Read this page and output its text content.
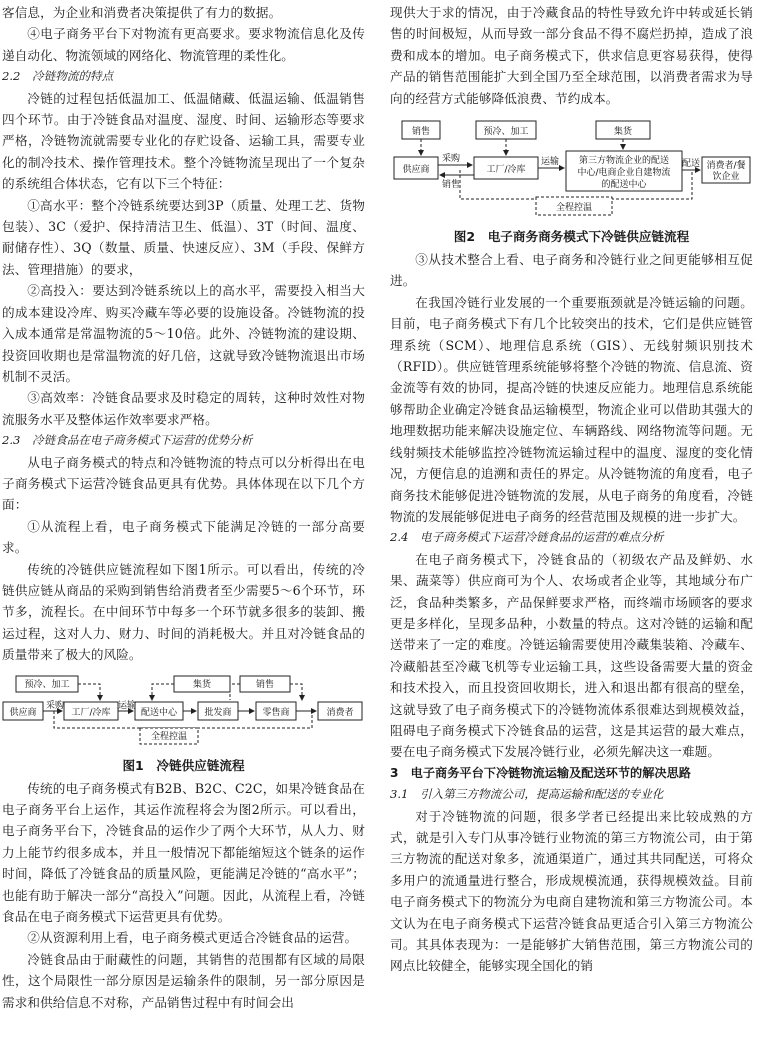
客信息，为企业和消费者决策提供了有力的数据。

④电子商务平台下对物流有更高要求。要求物流信息化及传递自动化、物流领域的网络化、物流管理的柔性化。

2.2　冷链物流的特点

冷链的过程包括低温加工、低温储藏、低温运输、低温销售四个环节。由于冷链食品对温度、湿度、时间、运输形态等要求严格，冷链物流就需要专业化的存贮设备、运输工具，需要专业化的制冷技术、操作管理技术。整个冷链物流呈现出了一个复杂的系统组合体状态，它有以下三个特征：

①高水平：整个冷链系统要达到3P（质量、处理工艺、货物包装）、3C（爱护、保持清洁卫生、低温）、3T（时间、温度、耐储存性）、3Q（数量、质量、快速反应）、3M（手段、保鲜方法、管理措施）的要求，

②高投入：要达到冷链系统以上的高水平，需要投入相当大的成本建设冷库、购买冷藏车等必要的设施设备。冷链物流的投入成本通常是常温物流的5～10倍。此外、冷链物流的建设期、投资回收期也是常温物流的好几倍，这就导致冷链物流退出市场机制不灵活。

③高效率：冷链食品要求及时稳定的周转，这种时效性对物流服务水平及整体运作效率要求严格。

2.3　冷链食品在电子商务模式下运营的优势分析

从电子商务模式的特点和冷链物流的特点可以分析得出在电子商务模式下运营冷链食品更具有优势。具体体现在以下几个方面：

①从流程上看，电子商务模式下能满足冷链的一部分高要求。

传统的冷链供应链流程如下图1所示。可以看出，传统的冷链供应链从商品的采购到销售给消费者至少需要5～6个环节，环节多，流程长。在中间环节中每多一个环节就多很多的装卸、搬运过程，这对人力、财力、时间的消耗极大。并且对冷链食品的质量带来了极大的风险。

预冷、加工	集货	销售
供应商	工厂/冷库	配送中心	批发商	零售商	消费者
采购	运输
全程控温

图1　冷链供应链流程

传统的电子商务模式有B2B、B2C、C2C，如果冷链食品在电子商务平台上运作，其运作流程将会为图2所示。可以看出，电子商务平台下，冷链食品的运作少了两个大环节，从人力、财力上能节约很多成本，并且一般情况下都能缩短这个链条的运作时间，降低了冷链食品的质量风险，更能满足冷链的“高水平”；也能有助于解决一部分“高投入”问题。因此，从流程上看，冷链食品在电子商务模式下运营更具有优势。

②从资源利用上看，电子商务模式更适合冷链食品的运营。

冷链食品由于耐藏性的问题，其销售的范围都有区域的局限性，这个局限性一部分原因是运输条件的限制，另一部分原因是需求和供给信息不对称，产品销售过程中有时间会出

现供大于求的情况，由于冷藏食品的特性导致允许中转或延长销售的时间极短，从而导致一部分食品不得不腐烂扔掉，造成了浪费和成本的增加。电子商务模式下，供求信息更容易获得，使得产品的销售范围能扩大到全国乃至全球范围，以消费者需求为导向的经营方式能够降低浪费、节约成本。

销售	预冷、加工	集货
供应商	工厂/冷库
第三方物流企业的配送
中心/电商企业自建物流
的配送中心
消费者/餐
饮企业
采购
销售
运输	配送
全程控温

图2　电子商务商务模式下冷链供应链流程

③从技术整合上看、电子商务和冷链行业之间更能够相互促进。

在我国冷链行业发展的一个重要瓶颈就是冷链运输的问题。目前，电子商务模式下有几个比较突出的技术，它们是供应链管理系统（SCM）、地理信息系统（GIS）、无线射频识别技术（RFID）。供应链管理系统能够将整个冷链的物流、信息流、资金流等有效的协同，提高冷链的快速反应能力。地理信息系统能够帮助企业确定冷链食品运输模型，物流企业可以借助其强大的地理数据功能来解决设施定位、车辆路线、网络物流等问题。无线射频技术能够监控冷链物流运输过程中的温度、湿度的变化情况，方便信息的追溯和责任的界定。从冷链物流的角度看，电子商务技术能够促进冷链物流的发展，从电子商务的角度看，冷链物流的发展能够促进电子商务的经营范围及规模的进一步扩大。

2.4　电子商务模式下运营冷链食品的运营的难点分析

在电子商务模式下，冷链食品的（初级农产品及鲜奶、水果、蔬菜等）供应商可为个人、农场或者企业等，其地域分布广泛，食品种类繁多，产品保鲜要求严格，而终端市场顾客的要求更是多样化，呈现多品种，小数量的特点。这对冷链的运输和配送带来了一定的难度。冷链运输需要使用冷藏集装箱、冷藏车、冷藏船甚至冷藏飞机等专业运输工具，这些设备需要大量的资金和技术投入，而且投资回收期长，进入和退出都有很高的壁垒，这就导致了电子商务模式下的冷链物流体系很难达到规模效益，阻碍电子商务模式下冷链食品的运营，这是其运营的最大难点，要在电子商务模式下发展冷链行业，必须先解决这一难题。

3　电子商务平台下冷链物流运输及配送环节的解决思路

3.1　引入第三方物流公司，提高运输和配送的专业化

对于冷链物流的问题，很多学者已经提出来比较成熟的方式，就是引入专门从事冷链行业物流的第三方物流公司，由于第三方物流的配送对象多，流通渠道广，通过其共同配送，可将众多用户的流通量进行整合，形成规模流通，获得规模效益。目前电子商务模式下的物流分为电商自建物流和第三方物流公司。本文认为在电子商务模式下运营冷链食品更适合引入第三方物流公司。其具体表现为：一是能够扩大销售范围，第三方物流公司的网点比较健全，能够实现全国化的销
